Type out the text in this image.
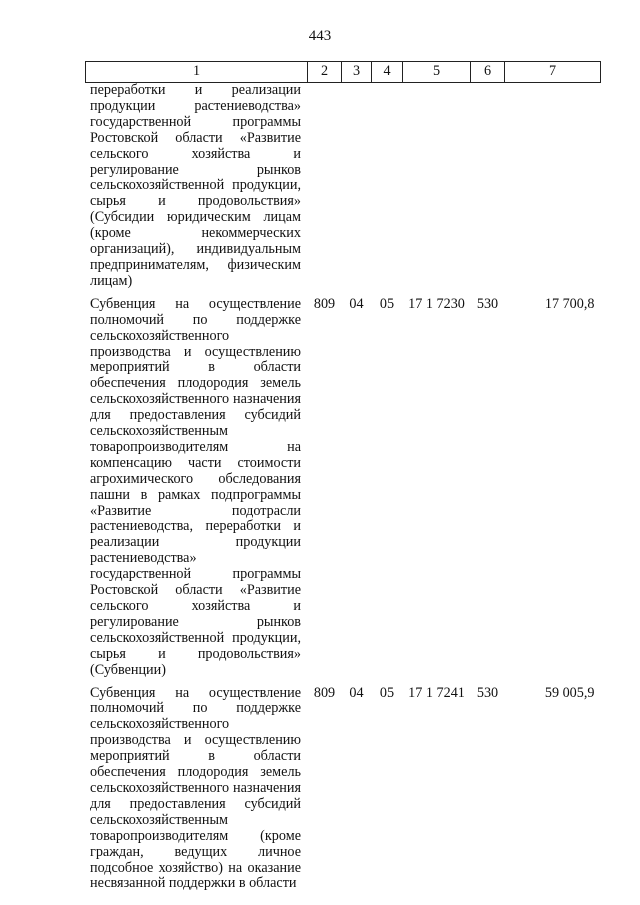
443
1	2	3	4	5	6	7
переработки и реализации продукции растениеводства» государственной программы Ростовской области «Развитие сельского хозяйства и регулирование рынков сельскохозяйственной продукции, сырья и продовольствия» (Субсидии юридическим лицам (кроме некоммерческих организаций), индивидуальным предпринимателям, физическим лицам)						
Субвенция на осуществление полномочий по поддержке сельскохозяйственного производства и осуществлению мероприятий в области обеспечения плодородия земель сельскохозяйственного назначения для предоставления субсидий сельскохозяйственным товаропроизводителям на компенсацию части стоимости агрохимического обследования пашни в рамках подпрограммы «Развитие подотрасли растениеводства, переработки и реализации продукции растениеводства» государственной программы Ростовской области «Развитие сельского хозяйства и регулирование рынков сельскохозяйственной продукции, сырья и продовольствия» (Субвенции)	809	04	05	17 1 7230	530	17 700,8
Субвенция на осуществление полномочий по поддержке сельскохозяйственного производства и осуществлению мероприятий в области обеспечения плодородия земель сельскохозяйственного назначения для предоставления субсидий сельскохозяйственным товаропроизводителям (кроме граждан, ведущих личное подсобное хозяйство) на оказание несвязанной поддержки в области	809	04	05	17 1 7241	530	59 005,9
